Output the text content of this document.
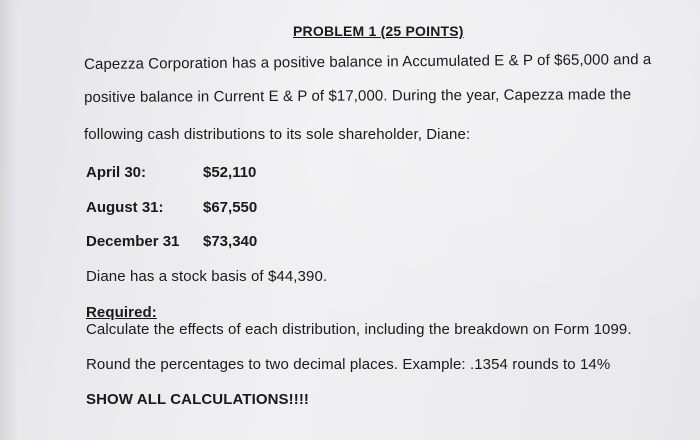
PROBLEM 1 (25 POINTS)

Capezza Corporation has a positive balance in Accumulated E & P of $65,000 and a

positive balance in Current E & P of $17,000. During the year, Capezza made the

following cash distributions to its sole shareholder, Diane:

April 30:	$52,110

August 31:	$67,550

December 31 $73,340

Diane has a stock basis of $44,390.

Required:

Calculate the effects of each distribution, including the breakdown on Form 1099.

Round the percentages to two decimal places. Example: .1354 rounds to 14%

SHOW ALL CALCULATIONS!!!!
